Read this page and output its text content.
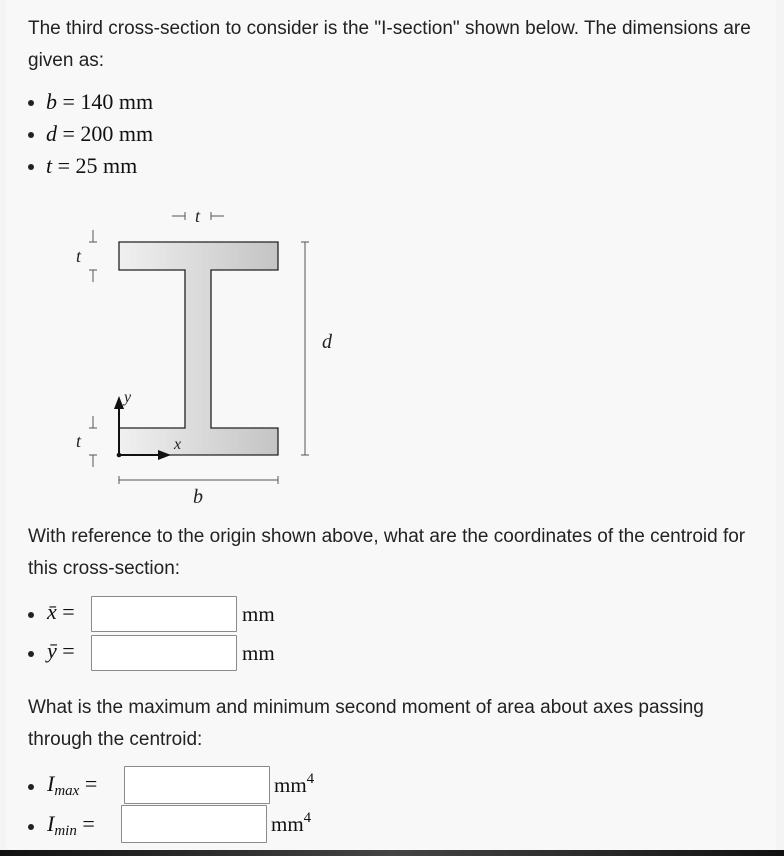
The third cross-section to consider is the "I-section" shown below. The dimensions are given as:
b = 140 mm
d = 200 mm
t = 25 mm
t
t
t
d
b
y
x
With reference to the origin shown above, what are the coordinates of the centroid for this cross-section:
x̄ =	mm
ȳ =	mm
What is the maximum and minimum second moment of area about axes passing through the centroid:
Imax =	$mm^4$
Imin =	$mm^4$
